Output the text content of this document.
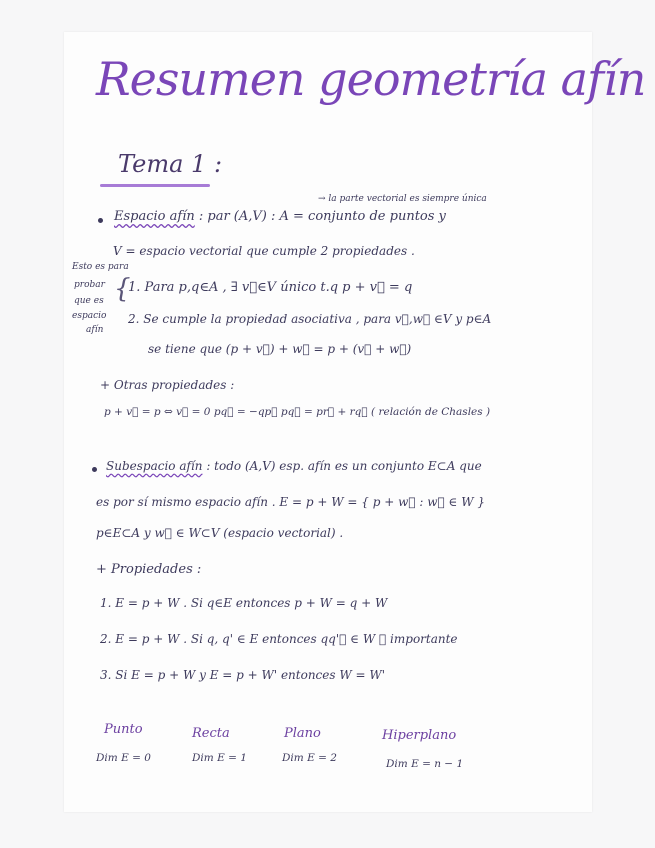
Resumen geometría afín
Tema 1 :
→ la parte vectorial es siempre única
Espacio afín : par (A,V) : A = conjunto de puntos y
V = espacio vectorial que cumple 2 propiedades .
Esto es para
probar
que es
espacio
afín
{
1. Para p,q∈A , ∃ v⃗∈V único t.q p + v⃗ = q
2. Se cumple la propiedad asociativa , para v⃗,w⃗ ∈V y p∈A
se tiene que (p + v⃗) + w⃗ = p + (v⃗ + w⃗)
+ Otras propiedades :
p + v⃗ = p ⇔ v⃗ = 0 pq⃗ = −qp⃗ pq⃗ = pr⃗ + rq⃗ ( relación de Chasles )
Subespacio afín : todo (A,V) esp. afín es un conjunto E⊂A que
es por sí mismo espacio afín . E = p + W = { p + w⃗ : w⃗ ∈ W }
p∈E⊂A y w⃗ ∈ W⊂V (espacio vectorial) .
+ Propiedades :
1. E = p + W . Si q∈E entonces p + W = q + W
2. E = p + W . Si q, q' ∈ E entonces qq'⃗ ∈ W ⓘ importante
3. Si E = p + W y E = p + W' entonces W = W'
Punto
Dim E = 0
Recta
Dim E = 1
Plano
Dim E = 2
Hiperplano
Dim E = n − 1
